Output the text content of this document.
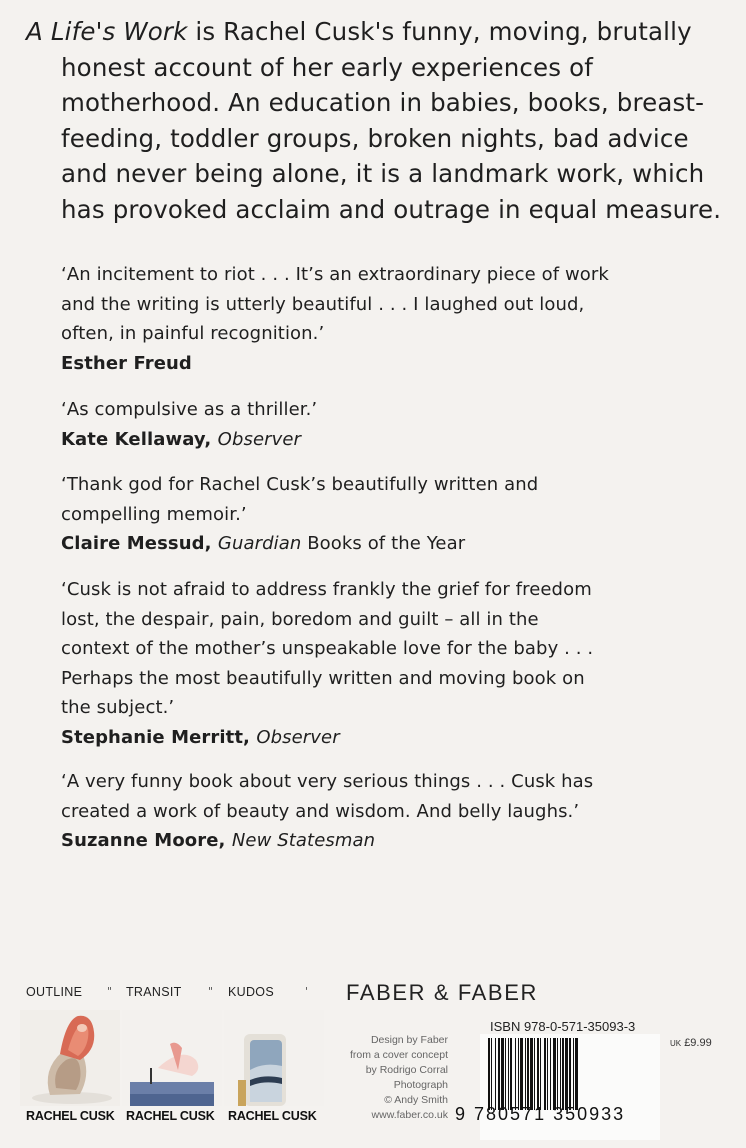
A Life's Work is Rachel Cusk's funny, moving, brutally
honest account of her early experiences of
motherhood. An education in babies, books, breast-
feeding, toddler groups, broken nights, bad advice
and never being alone, it is a landmark work, which
has provoked acclaim and outrage in equal measure.
‘An incitement to riot . . . It’s an extraordinary piece of work
and the writing is utterly beautiful . . . I laughed out loud,
often, in painful recognition.’
Esther Freud
‘As compulsive as a thriller.’
Kate Kellaway, Observer
‘Thank god for Rachel Cusk’s beautifully written and
compelling memoir.’
Claire Messud, Guardian Books of the Year
‘Cusk is not afraid to address frankly the grief for freedom
lost, the despair, pain, boredom and guilt – all in the
context of the mother’s unspeakable love for the baby . . .
Perhaps the most beautifully written and moving book on
the subject.’
Stephanie Merritt, Observer
‘A very funny book about very serious things . . . Cusk has
created a work of beauty and wisdom. And belly laughs.’
Suzanne Moore, New Statesman
OUTLINE " TRANSIT " KUDOS	' FABER & FABER
RACHEL CUSK RACHEL CUSK RACHEL CUSK
Design by Faber
from a cover concept
by Rodrigo Corral
Photograph
© Andy Smith
www.faber.co.uk
ISBN 978-0-571-35093-3
UK £9.99
9 780571 350933
